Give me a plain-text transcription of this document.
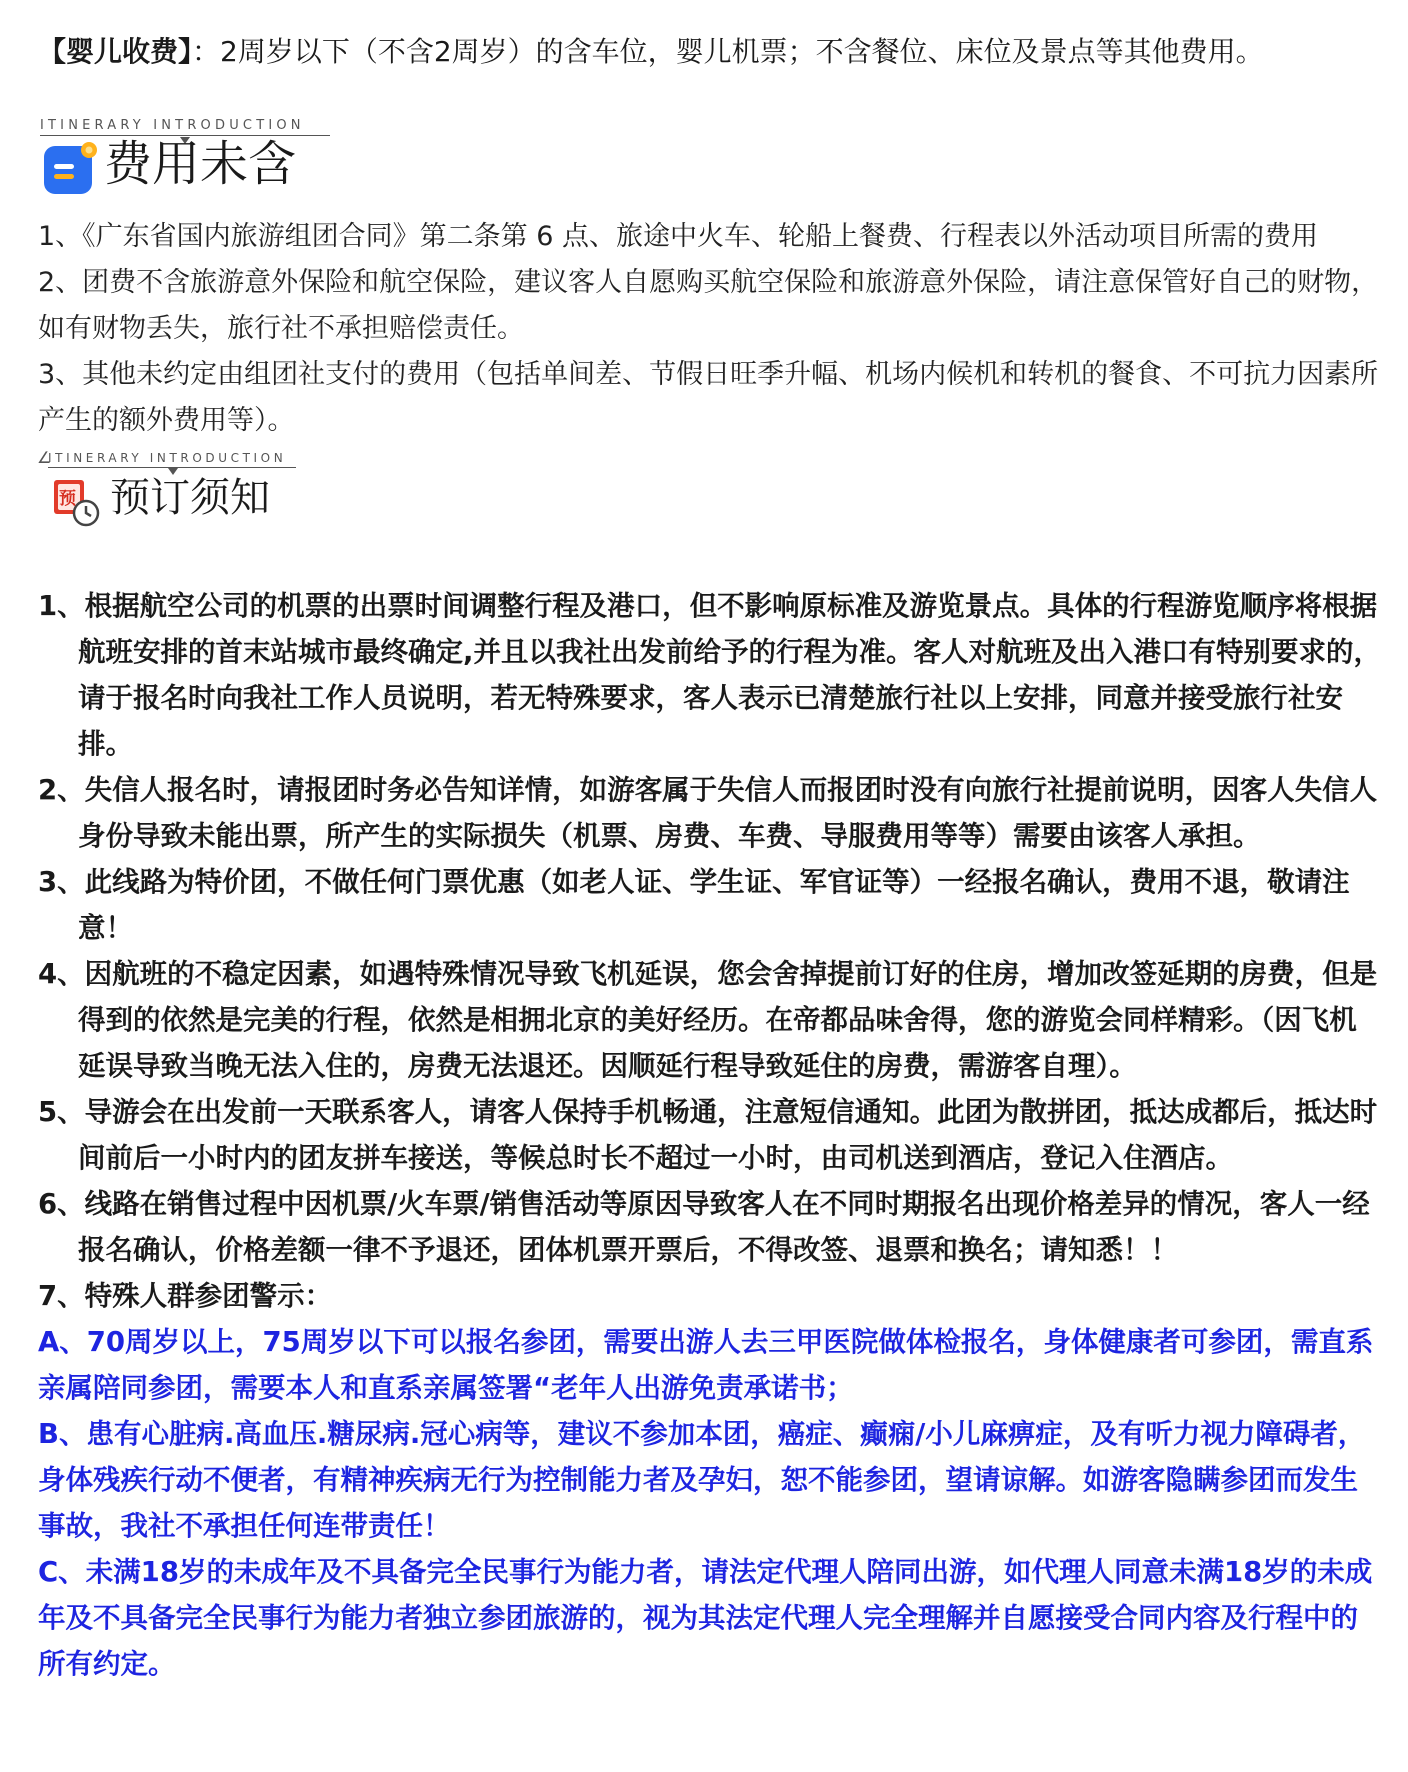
【婴儿收费】：2周岁以下（不含2周岁）的含车位，婴儿机票；不含餐位、床位及景点等其他费用。
ITINERARY INTRODUCTION
费用未含

1、《广东省国内旅游组团合同》第二条第 6 点、旅途中火车、轮船上餐费、行程表以外活动项目所需的费用

2、团费不含旅游意外保险和航空保险，建议客人自愿购买航空保险和旅游意外保险，请注意保管好自己的财物， 如有财物丢失，旅行社不承担赔偿责任。

3、其他未约定由组团社支付的费用（包括单间差、节假日旺季升幅、机场内候机和转机的餐食、不可抗力因素所产生的额外费用等）。

∠
ITINERARY INTRODUCTION
预 预订须知

1、根据航空公司的机票的出票时间调整行程及港口，但不影响原标准及游览景点。具体的行程游览顺序将根据航班安排的首末站城市最终确定,并且以我社出发前给予的行程为准。客人对航班及出入港口有特别要求的，请于报名时向我社工作人员说明，若无特殊要求，客人表示已清楚旅行社以上安排，同意并接受旅行社安排。

2、失信人报名时，请报团时务必告知详情，如游客属于失信人而报团时没有向旅行社提前说明，因客人失信人身份导致未能出票，所产生的实际损失（机票、房费、车费、导服费用等等）需要由该客人承担。

3、此线路为特价团，不做任何门票优惠（如老人证、学生证、军官证等）一经报名确认，费用不退，敬请注意！

4、因航班的不稳定因素，如遇特殊情况导致飞机延误，您会舍掉提前订好的住房，增加改签延期的房费，但是得到的依然是完美的行程，依然是相拥北京的美好经历。在帝都品味舍得，您的游览会同样精彩。（因飞机延误导致当晚无法入住的，房费无法退还。因顺延行程导致延住的房费，需游客自理）。

5、导游会在出发前一天联系客人，请客人保持手机畅通，注意短信通知。此团为散拼团，抵达成都后，抵达时间前后一小时内的团友拼车接送，等候总时长不超过一小时，由司机送到酒店，登记入住酒店。

6、线路在销售过程中因机票/火车票/销售活动等原因导致客人在不同时期报名出现价格差异的情况，客人一经报名确认，价格差额一律不予退还，团体机票开票后，不得改签、退票和换名；请知悉！！

7、特殊人群参团警示：

A、70周岁以上，75周岁以下可以报名参团，需要出游人去三甲医院做体检报名，身体健康者可参团，需直系亲属陪同参团，需要本人和直系亲属签署“老年人出游免责承诺书；

B、患有心脏病.高血压.糖尿病.冠心病等，建议不参加本团，癌症、癫痫/小儿麻痹症，及有听力视力障碍者，身体残疾行动不便者，有精神疾病无行为控制能力者及孕妇，恕不能参团，望请谅解。如游客隐瞒参团而发生事故，我社不承担任何连带责任！

C、未满18岁的未成年及不具备完全民事行为能力者，请法定代理人陪同出游，如代理人同意未满18岁的未成年及不具备完全民事行为能力者独立参团旅游的，视为其法定代理人完全理解并自愿接受合同内容及行程中的所有约定。
